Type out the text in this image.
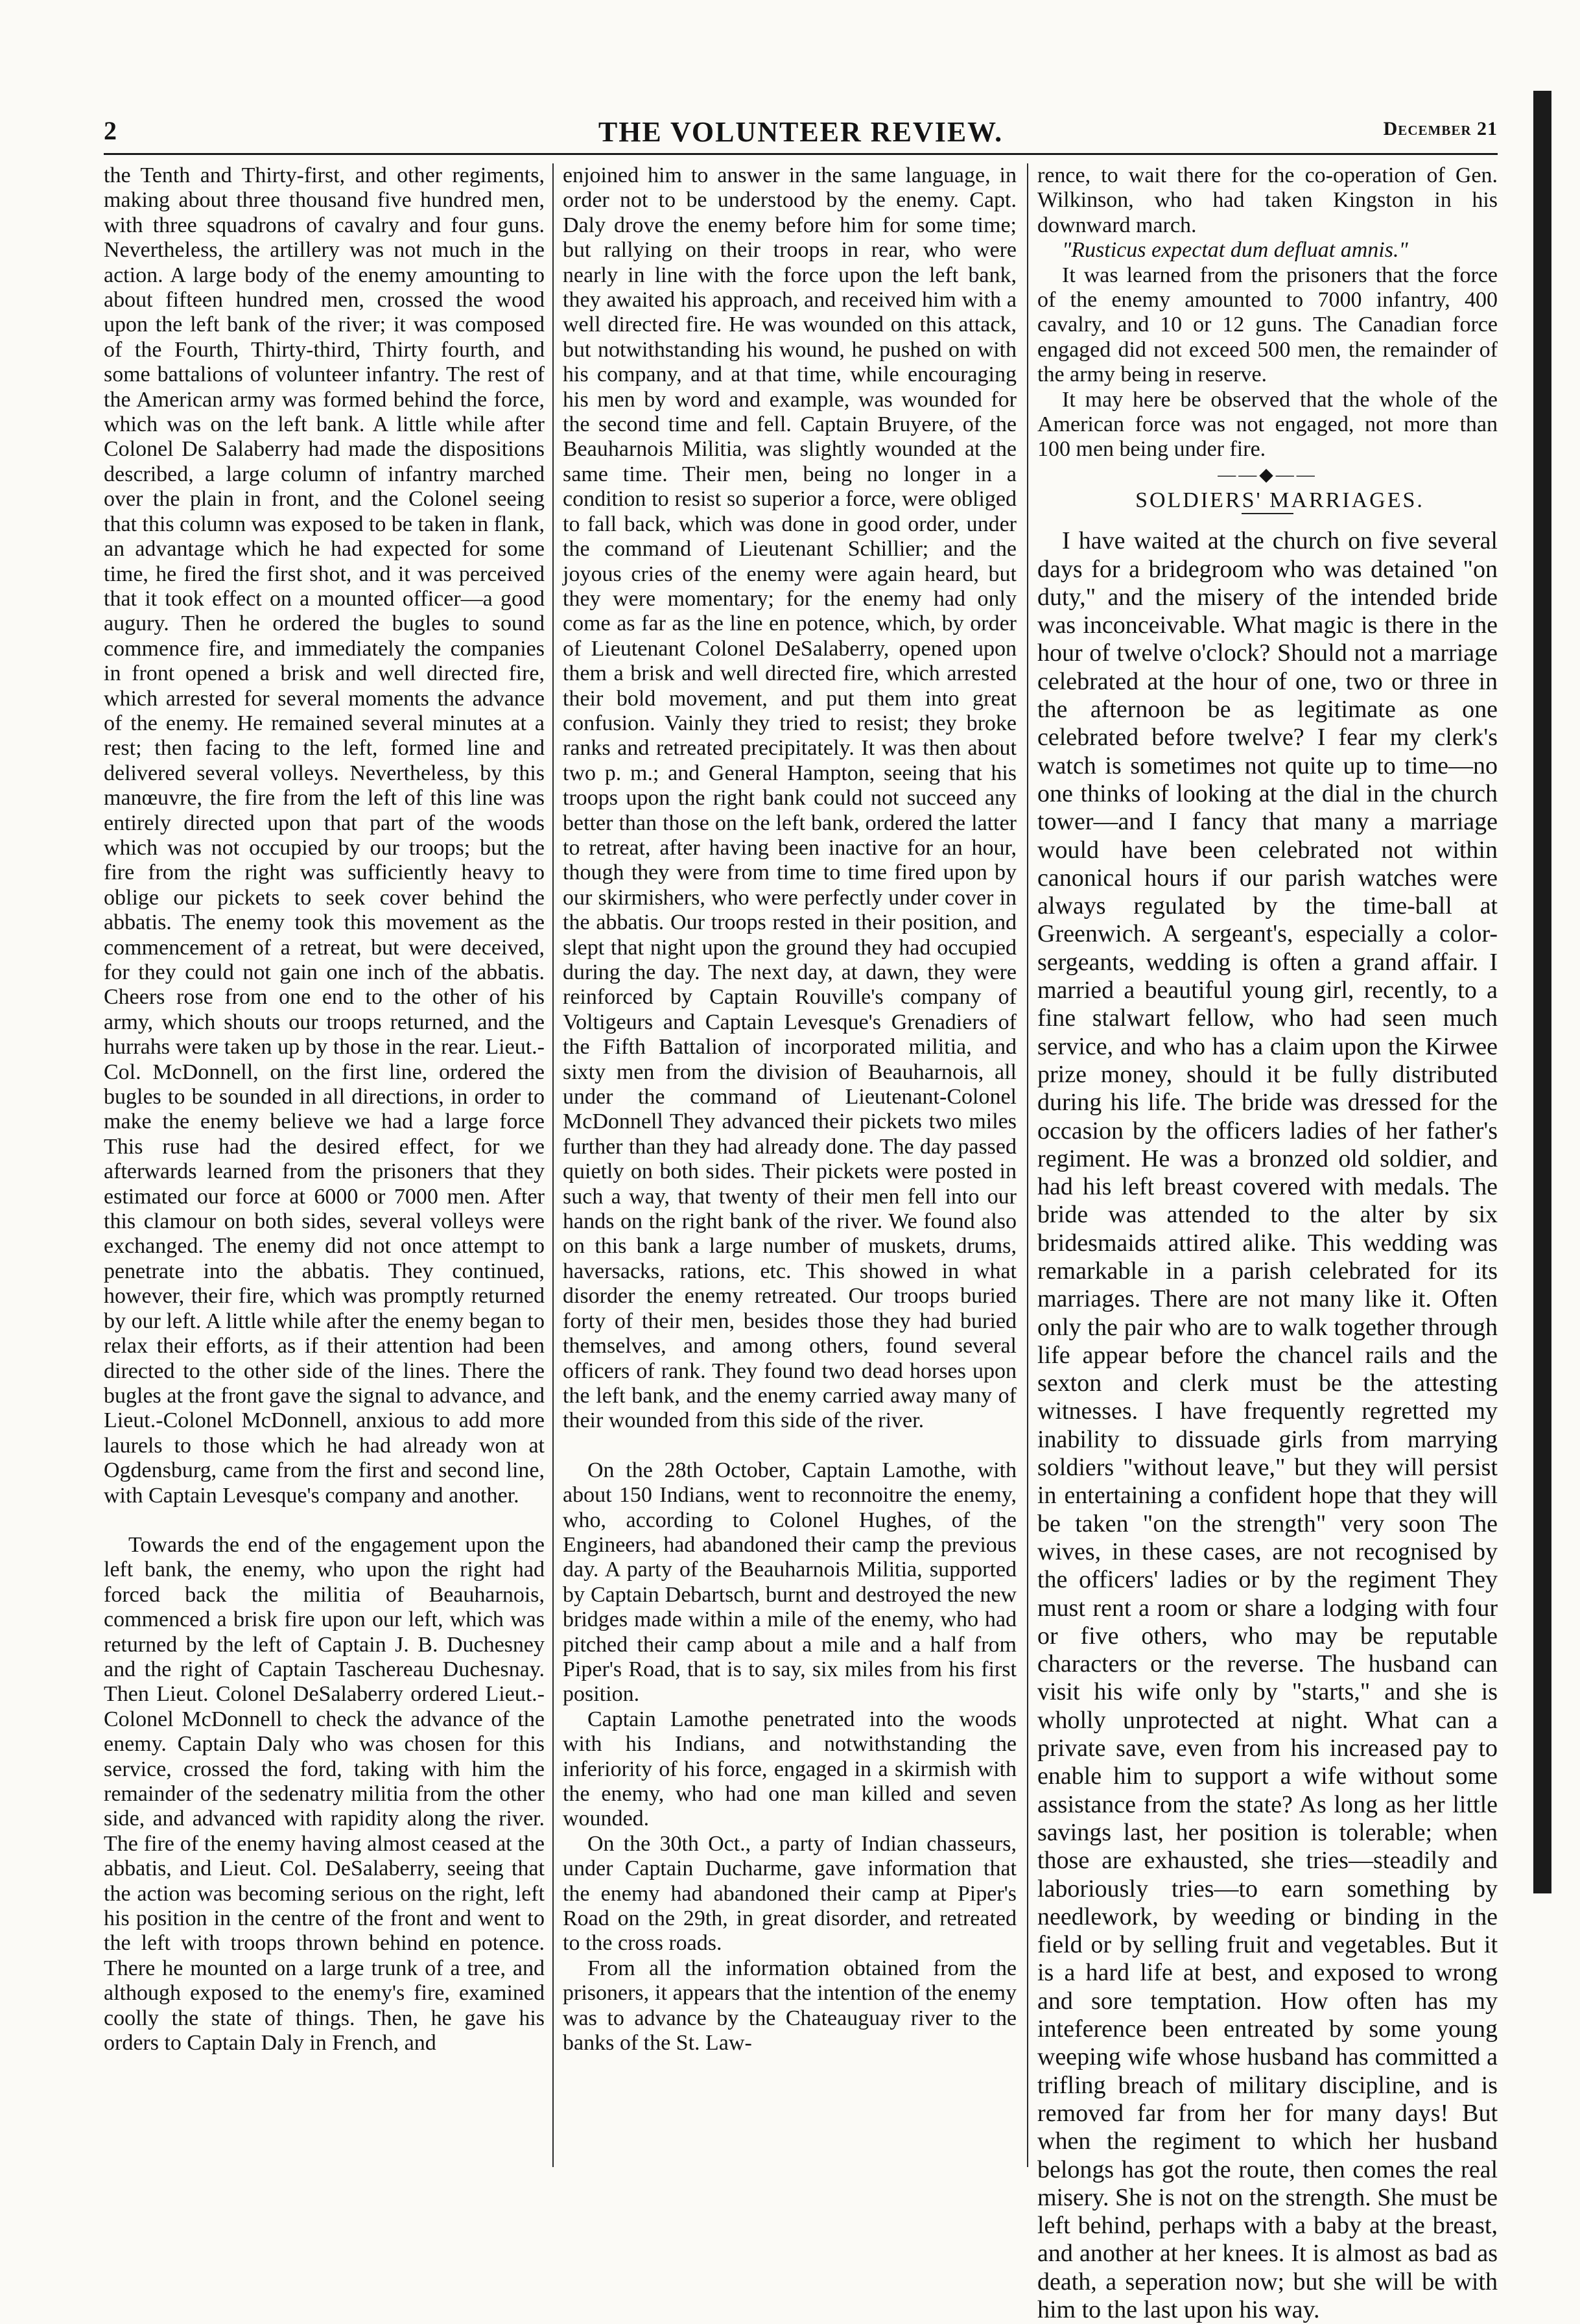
2	THE VOLUNTEER REVIEW.	December 21

the Tenth and Thirty-first, and other regiments, making about three thousand five hundred men, with three squadrons of cavalry and four guns. Nevertheless, the artillery was not much in the action. A large body of the enemy amounting to about fifteen hundred men, crossed the wood upon the left bank of the river; it was composed of the Fourth, Thirty-third, Thirty fourth, and some battalions of volunteer infantry. The rest of the American army was formed behind the force, which was on the left bank. A little while after Colonel De Salaberry had made the dispositions described, a large column of infantry marched over the plain in front, and the Colonel seeing that this column was exposed to be taken in flank, an advantage which he had expected for some time, he fired the first shot, and it was perceived that it took effect on a mounted officer—a good augury. Then he ordered the bugles to sound commence fire, and immediately the companies in front opened a brisk and well directed fire, which arrested for several moments the advance of the enemy. He remained several minutes at a rest; then facing to the left, formed line and delivered several volleys. Nevertheless, by this manœuvre, the fire from the left of this line was entirely directed upon that part of the woods which was not occupied by our troops; but the fire from the right was sufficiently heavy to oblige our pickets to seek cover behind the abbatis. The enemy took this movement as the commencement of a retreat, but were deceived, for they could not gain one inch of the abbatis. Cheers rose from one end to the other of his army, which shouts our troops returned, and the hurrahs were taken up by those in the rear. Lieut.-Col. McDonnell, on the first line, ordered the bugles to be sounded in all directions, in order to make the enemy believe we had a large force This ruse had the desired effect, for we afterwards learned from the prisoners that they estimated our force at 6000 or 7000 men. After this clamour on both sides, several volleys were exchanged. The enemy did not once attempt to penetrate into the abbatis. They continued, however, their fire, which was promptly returned by our left. A little while after the enemy began to relax their efforts, as if their attention had been directed to the other side of the lines. There the bugles at the front gave the signal to advance, and Lieut.-Colonel McDonnell, anxious to add more laurels to those which he had already won at Ogdensburg, came from the first and second line, with Captain Levesque's company and another.

Towards the end of the engagement upon the left bank, the enemy, who upon the right had forced back the militia of Beauharnois, commenced a brisk fire upon our left, which was returned by the left of Captain J. B. Duchesney and the right of Captain Taschereau Duchesnay. Then Lieut. Colonel DeSalaberry ordered Lieut.-Colonel McDonnell to check the advance of the enemy. Captain Daly who was chosen for this service, crossed the ford, taking with him the remainder of the sedenatry militia from the other side, and advanced with rapidity along the river. The fire of the enemy having almost ceased at the abbatis, and Lieut. Col. DeSalaberry, seeing that the action was becoming serious on the right, left his position in the centre of the front and went to the left with troops thrown behind en potence. There he mounted on a large trunk of a tree, and although exposed to the enemy's fire, examined coolly the state of things. Then, he gave his orders to Captain Daly in French, and

enjoined him to answer in the same language, in order not to be understood by the enemy. Capt. Daly drove the enemy before him for some time; but rallying on their troops in rear, who were nearly in line with the force upon the left bank, they awaited his approach, and received him with a well directed fire. He was wounded on this attack, but notwithstanding his wound, he pushed on with his company, and at that time, while encouraging his men by word and example, was wounded for the second time and fell. Captain Bruyere, of the Beauharnois Militia, was slightly wounded at the same time. Their men, being no longer in a condition to resist so superior a force, were obliged to fall back, which was done in good order, under the command of Lieutenant Schillier; and the joyous cries of the enemy were again heard, but they were momentary; for the enemy had only come as far as the line en potence, which, by order of Lieutenant Colonel DeSalaberry, opened upon them a brisk and well directed fire, which arrested their bold movement, and put them into great confusion. Vainly they tried to resist; they broke ranks and retreated precipitately. It was then about two p. m.; and General Hampton, seeing that his troops upon the right bank could not succeed any better than those on the left bank, ordered the latter to retreat, after having been inactive for an hour, though they were from time to time fired upon by our skirmishers, who were perfectly under cover in the abbatis. Our troops rested in their position, and slept that night upon the ground they had occupied during the day. The next day, at dawn, they were reinforced by Captain Rouville's company of Voltigeurs and Captain Levesque's Grenadiers of the Fifth Battalion of incorporated militia, and sixty men from the division of Beauharnois, all under the command of Lieutenant-Colonel McDonnell They advanced their pickets two miles further than they had already done. The day passed quietly on both sides. Their pickets were posted in such a way, that twenty of their men fell into our hands on the right bank of the river. We found also on this bank a large number of muskets, drums, haversacks, rations, etc. This showed in what disorder the enemy retreated. Our troops buried forty of their men, besides those they had buried themselves, and among others, found several officers of rank. They found two dead horses upon the left bank, and the enemy carried away many of their wounded from this side of the river.

On the 28th October, Captain Lamothe, with about 150 Indians, went to reconnoitre the enemy, who, according to Colonel Hughes, of the Engineers, had abandoned their camp the previous day. A party of the Beauharnois Militia, supported by Captain Debartsch, burnt and destroyed the new bridges made within a mile of the enemy, who had pitched their camp about a mile and a half from Piper's Road, that is to say, six miles from his first position.

Captain Lamothe penetrated into the woods with his Indians, and notwithstanding the inferiority of his force, engaged in a skirmish with the enemy, who had one man killed and seven wounded.

On the 30th Oct., a party of Indian chasseurs, under Captain Ducharme, gave information that the enemy had abandoned their camp at Piper's Road on the 29th, in great disorder, and retreated to the cross roads.

From all the information obtained from the prisoners, it appears that the intention of the enemy was to advance by the Chateauguay river to the banks of the St. Law-

rence, to wait there for the co-operation of Gen. Wilkinson, who had taken Kingston in his downward march.

"Rusticus expectat dum defluat amnis."

It was learned from the prisoners that the force of the enemy amounted to 7000 infantry, 400 cavalry, and 10 or 12 guns. The Canadian force engaged did not exceed 500 men, the remainder of the army being in reserve.

It may here be observed that the whole of the American force was not engaged, not more than 100 men being under fire.

——◆——

SOLDIERS' MARRIAGES.

I have waited at the church on five several days for a bridegroom who was detained "on duty," and the misery of the intended bride was inconceivable. What magic is there in the hour of twelve o'clock? Should not a marriage celebrated at the hour of one, two or three in the afternoon be as legitimate as one celebrated before twelve? I fear my clerk's watch is sometimes not quite up to time—no one thinks of looking at the dial in the church tower—and I fancy that many a marriage would have been celebrated not within canonical hours if our parish watches were always regulated by the time-ball at Greenwich. A sergeant's, especially a color-sergeants, wedding is often a grand affair. I married a beautiful young girl, recently, to a fine stalwart fellow, who had seen much service, and who has a claim upon the Kirwee prize money, should it be fully distributed during his life. The bride was dressed for the occasion by the officers ladies of her father's regiment. He was a bronzed old soldier, and had his left breast covered with medals. The bride was attended to the alter by six bridesmaids attired alike. This wedding was remarkable in a parish celebrated for its marriages. There are not many like it. Often only the pair who are to walk together through life appear before the chancel rails and the sexton and clerk must be the attesting witnesses. I have frequently regretted my inability to dissuade girls from marrying soldiers "without leave," but they will persist in entertaining a confident hope that they will be taken "on the strength" very soon The wives, in these cases, are not recognised by the officers' ladies or by the regiment They must rent a room or share a lodging with four or five others, who may be reputable characters or the reverse. The husband can visit his wife only by "starts," and she is wholly unprotected at night. What can a private save, even from his increased pay to enable him to support a wife without some assistance from the state? As long as her little savings last, her position is tolerable; when those are exhausted, she tries—steadily and laboriously tries—to earn something by needlework, by weeding or binding in the field or by selling fruit and vegetables. But it is a hard life at best, and exposed to wrong and sore temptation. How often has my inteference been entreated by some young weeping wife whose husband has committed a trifling breach of military discipline, and is removed far from her for many days! But when the regiment to which her husband belongs has got the route, then comes the real misery. She is not on the strength. She must be left behind, perhaps with a baby at the breast, and another at her knees. It is almost as bad as death, a seperation now; but she will be with him to the last upon his way.
